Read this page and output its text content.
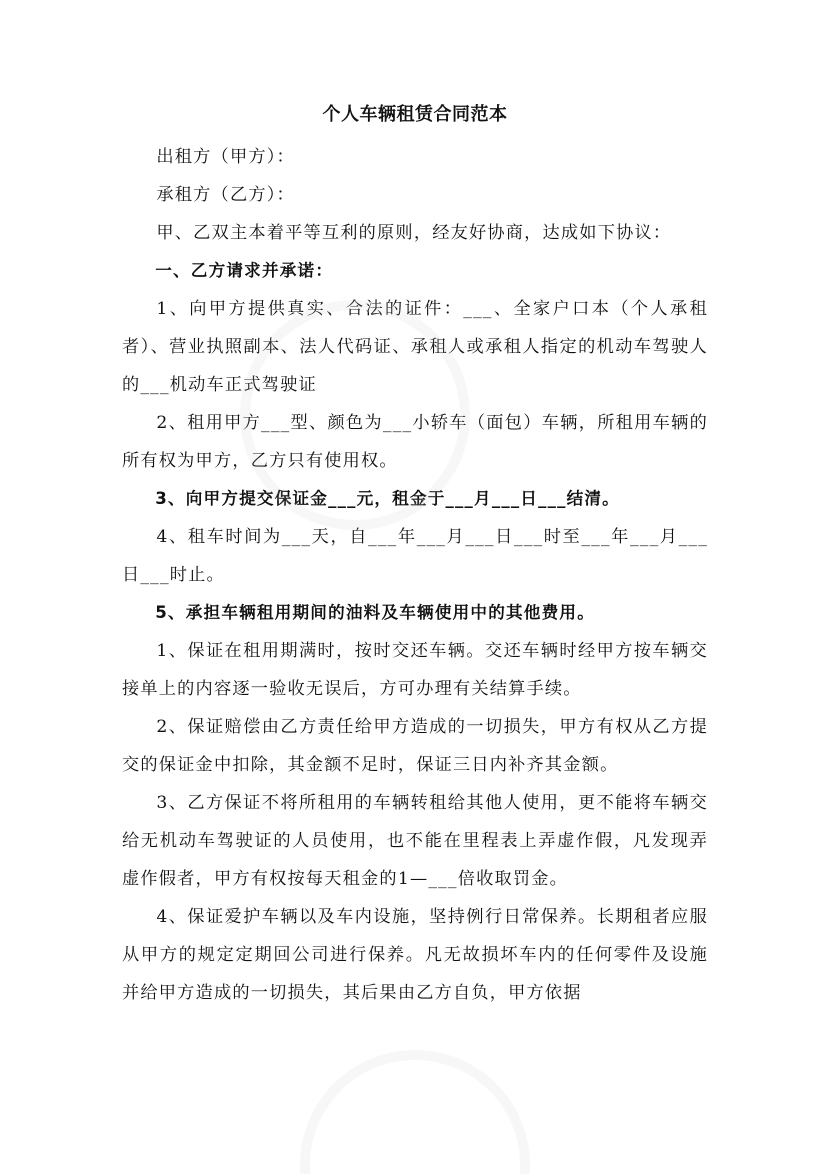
个人车辆租赁合同范本

出租方（甲方）：

承租方（乙方）：

甲、乙双主本着平等互利的原则，经友好协商，达成如下协议：

一、乙方请求并承诺：

1、向甲方提供真实、合法的证件：___、全家户口本（个人承租者）、营业执照副本、法人代码证、承租人或承租人指定的机动车驾驶人的___机动车正式驾驶证

2、租用甲方___型、颜色为___小轿车（面包）车辆，所租用车辆的所有权为甲方，乙方只有使用权。

3、向甲方提交保证金___元，租金于___月___日___结清。

4、租车时间为___天，自___年___月___日___时至___年___月___日___时止。

5、承担车辆租用期间的油料及车辆使用中的其他费用。

1、保证在租用期满时，按时交还车辆。交还车辆时经甲方按车辆交接单上的内容逐一验收无误后，方可办理有关结算手续。

2、保证赔偿由乙方责任给甲方造成的一切损失，甲方有权从乙方提交的保证金中扣除，其金额不足时，保证三日内补齐其金额。

3、乙方保证不将所租用的车辆转租给其他人使用，更不能将车辆交给无机动车驾驶证的人员使用，也不能在里程表上弄虚作假，凡发现弄虚作假者，甲方有权按每天租金的1—___倍收取罚金。

4、保证爱护车辆以及车内设施，坚持例行日常保养。长期租者应服从甲方的规定定期回公司进行保养。凡无故损坏车内的任何零件及设施并给甲方造成的一切损失，其后果由乙方自负，甲方依据
